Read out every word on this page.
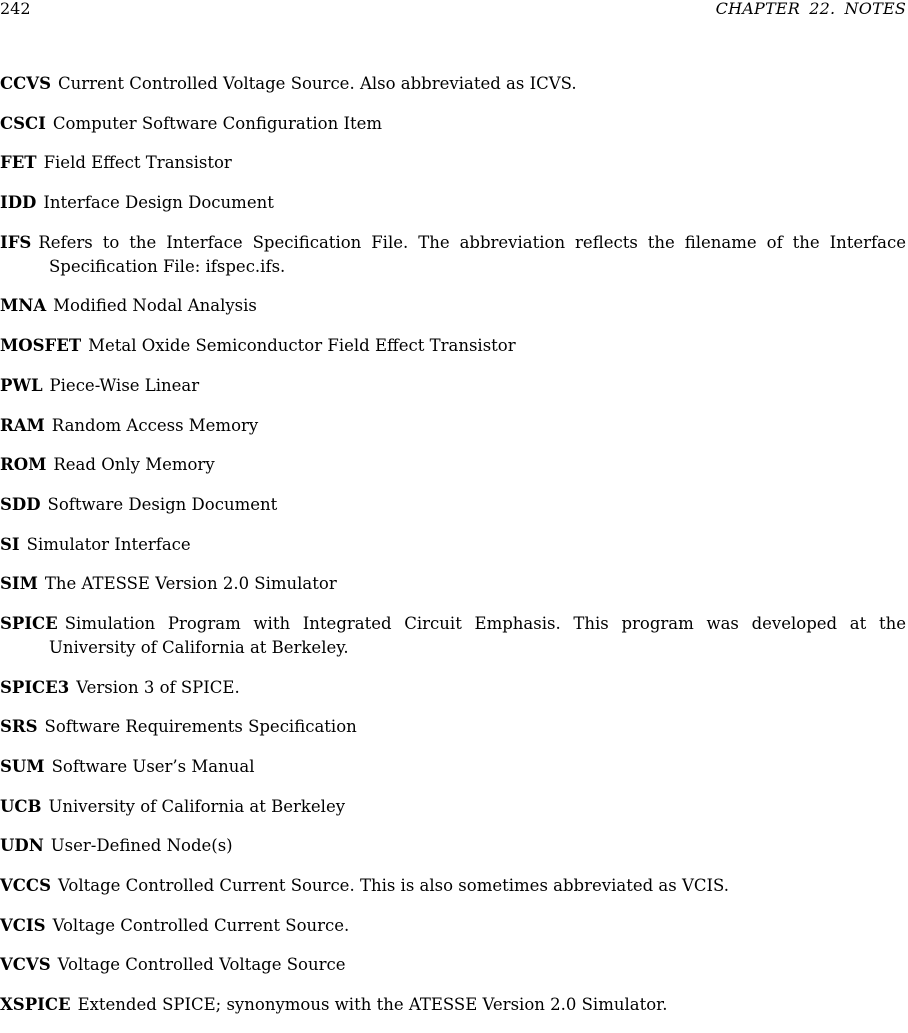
242	CHAPTER 22. NOTES

CCVS Current Controlled Voltage Source. Also abbreviated as ICVS.

CSCI Computer Software Configuration Item

FET Field Effect Transistor

IDD Interface Design Document

IFS Refers to the Interface Specification File. The abbreviation reflects the filename of the Interface Specification File: ifspec.ifs.

MNA Modified Nodal Analysis

MOSFET Metal Oxide Semiconductor Field Effect Transistor

PWL Piece-Wise Linear

RAM Random Access Memory

ROM Read Only Memory

SDD Software Design Document

SI Simulator Interface

SIM The ATESSE Version 2.0 Simulator

SPICE Simulation Program with Integrated Circuit Emphasis. This program was developed at the University of California at Berkeley.

SPICE3 Version 3 of SPICE.

SRS Software Requirements Specification

SUM Software User’s Manual

UCB University of California at Berkeley

UDN User-Defined Node(s)

VCCS Voltage Controlled Current Source. This is also sometimes abbreviated as VCIS.

VCIS Voltage Controlled Current Source.

VCVS Voltage Controlled Voltage Source

XSPICE Extended SPICE; synonymous with the ATESSE Version 2.0 Simulator.
